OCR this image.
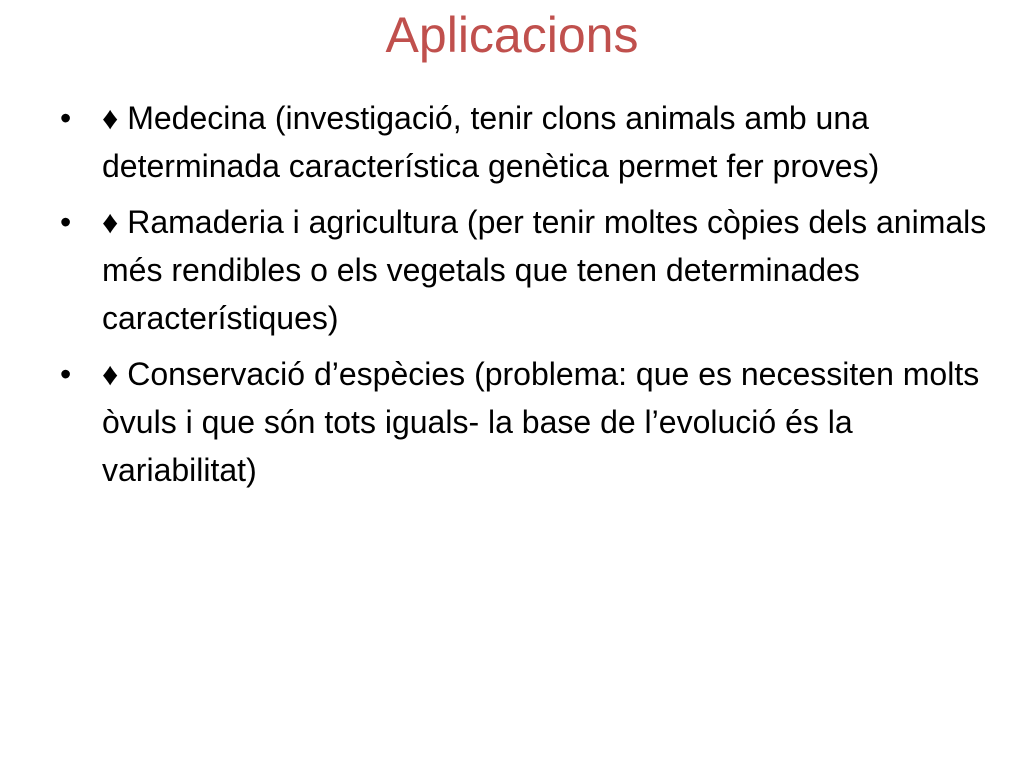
Aplicacions
• ♦ Medecina (investigació, tenir clons animals amb una determinada característica genètica permet fer proves)
• ♦ Ramaderia i agricultura (per tenir moltes còpies dels animals més rendibles o els vegetals que tenen determinades característiques)
• ♦ Conservació d’espècies (problema: que es necessiten molts òvuls i que són tots iguals- la base de l’evolució és la variabilitat)
